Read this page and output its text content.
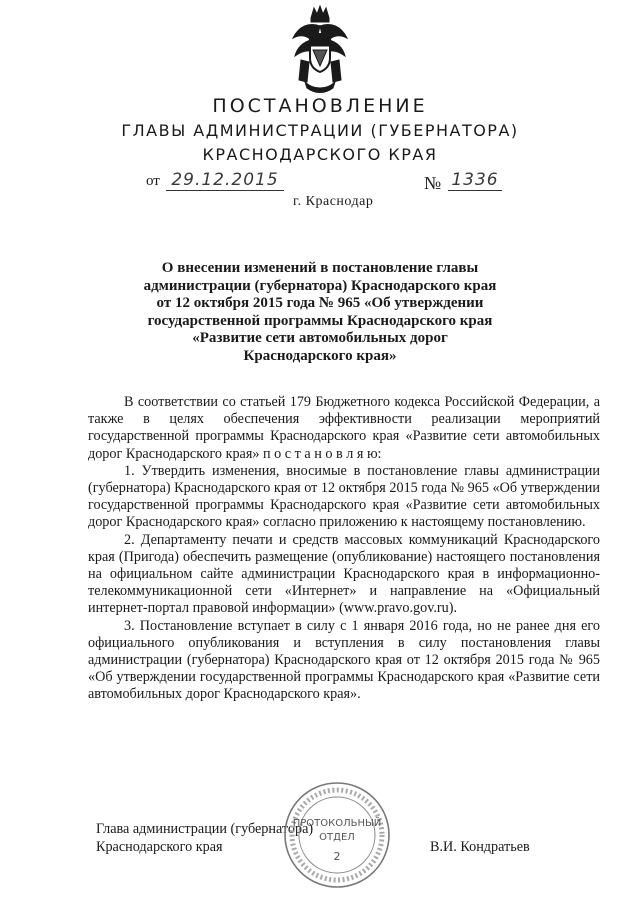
ПОСТАНОВЛЕНИЕ
ГЛАВЫ АДМИНИСТРАЦИИ (ГУБЕРНАТОРА)
КРАСНОДАРСКОГО КРАЯ
от 29.12.2015	№ 1336
г. Краснодар
О внесении изменений в постановление главы
администрации (губернатора) Краснодарского края
от 12 октября 2015 года № 965 «Об утверждении
государственной программы Краснодарского края
«Развитие сети автомобильных дорог
Краснодарского края»

В соответствии со статьей 179 Бюджетного кодекса Российской Федерации, а также в целях обеспечения эффективности реализации мероприятий государственной программы Краснодарского края «Развитие сети автомобильных дорог Краснодарского края» п о с т а н о в л я ю:

1. Утвердить изменения, вносимые в постановление главы администрации (губернатора) Краснодарского края от 12 октября 2015 года № 965 «Об утверждении государственной программы Краснодарского края «Развитие сети автомобильных дорог Краснодарского края» согласно приложению к настоящему постановлению.

2. Департаменту печати и средств массовых коммуникаций Краснодарского края (Пригода) обеспечить размещение (опубликование) настоящего постановления на официальном сайте администрации Краснодарского края в информационно-телекоммуникационной сети «Интернет» и направление на «Официальный интернет-портал правовой информации» (www.pravo.gov.ru).

3. Постановление вступает в силу с 1 января 2016 года, но не ранее дня его официального опубликования и вступления в силу постановления главы администрации (губернатора) Краснодарского края от 12 октября 2015 года № 965 «Об утверждении государственной программы Краснодарского края «Развитие сети автомобильных дорог Краснодарского края».

Глава администрации (губернатора)
Краснодарского края	В.И. Кондратьев
ПРОТОКОЛЬНЫЙ
ОТДЕЛ
2
